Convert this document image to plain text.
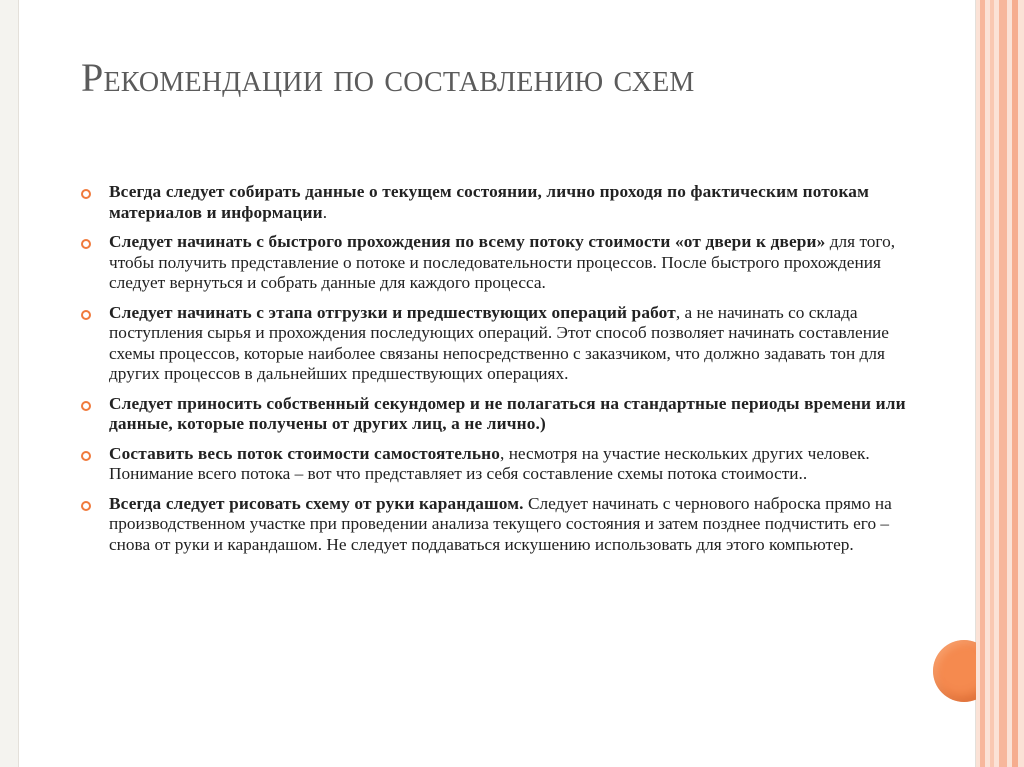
Рекомендации по составлению схем
Всегда следует собирать данные о текущем состоянии, лично проходя по фактическим потокам материалов и информации.
Следует начинать с быстрого прохождения по всему потоку стоимости «от двери к двери» для того, чтобы получить представление о потоке и последовательности процессов. После быстрого прохождения следует вернуться и собрать данные для каждого процесса.
Следует начинать с этапа отгрузки и предшествующих операций работ, а не начинать со склада поступления сырья и прохождения последующих операций. Этот способ позволяет начинать составление схемы процессов, которые наиболее связаны непосредственно с заказчиком, что должно задавать тон для других процессов в дальнейших предшествующих операциях.
Следует приносить собственный секундомер и не полагаться на стандартные периоды времени или данные, которые получены от других лиц, а не лично.)
Составить весь поток стоимости самостоятельно, несмотря на участие нескольких других человек. Понимание всего потока – вот что представляет из себя составление схемы потока стоимости..
Всегда следует рисовать схему от руки карандашом. Следует начинать с чернового наброска прямо на производственном участке при проведении анализа текущего состояния и затем позднее подчистить его – снова от руки и карандашом. Не следует поддаваться искушению использовать для этого компьютер.
